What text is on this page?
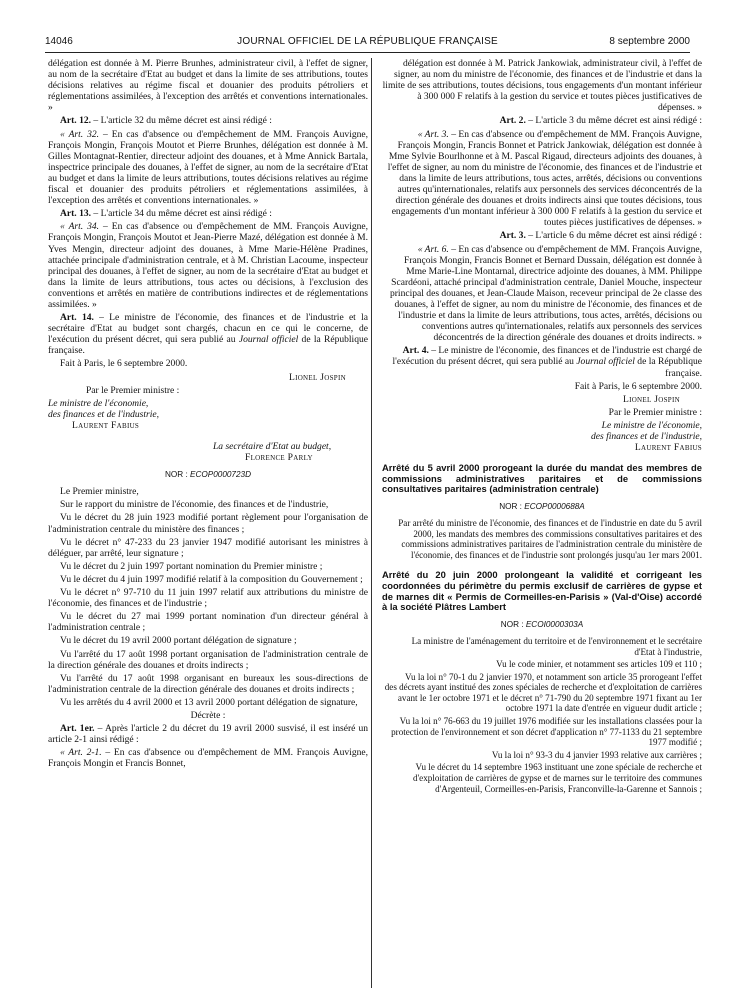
14046	JOURNAL OFFICIEL DE LA RÉPUBLIQUE FRANÇAISE	8 septembre 2000

délégation est donnée à M. Pierre Brunhes, administrateur civil, à l'effet de signer, au nom de la secrétaire d'Etat au budget et dans la limite de ses attributions, toutes décisions relatives au régime fiscal et douanier des produits pétroliers et réglementations assimilées, à l'exception des arrêtés et conventions internationales. »

Art. 12. – L'article 32 du même décret est ainsi rédigé :

« Art. 32. – En cas d'absence ou d'empêchement de MM. François Auvigne, François Mongin, François Moutot et Pierre Brunhes, délégation est donnée à M. Gilles Montagnat-Rentier, directeur adjoint des douanes, et à Mme Annick Bartala, inspectrice principale des douanes, à l'effet de signer, au nom de la secrétaire d'Etat au budget et dans la limite de leurs attributions, toutes décisions relatives au régime fiscal et douanier des produits pétroliers et réglementations assimilées, à l'exception des arrêtés et conventions internationales. »

Art. 13. – L'article 34 du même décret est ainsi rédigé :

« Art. 34. – En cas d'absence ou d'empêchement de MM. François Auvigne, François Mongin, François Moutot et Jean-Pierre Mazé, délégation est donnée à M. Yves Mengin, directeur adjoint des douanes, à Mme Marie-Hélène Pradines, attachée principale d'administration centrale, et à M. Christian Lacoume, inspecteur principal des douanes, à l'effet de signer, au nom de la secrétaire d'Etat au budget et dans la limite de leurs attributions, tous actes ou décisions, à l'exclusion des conventions et arrêtés en matière de contributions indirectes et de réglementations assimilées. »

Art. 14. – Le ministre de l'économie, des finances et de l'industrie et la secrétaire d'Etat au budget sont chargés, chacun en ce qui le concerne, de l'exécution du présent décret, qui sera publié au Journal officiel de la République française.

Fait à Paris, le 6 septembre 2000.

Lionel Jospin

Par le Premier ministre :

Le ministre de l'économie,
des finances et de l'industrie,
Laurent Fabius
La secrétaire d'Etat au budget,
Florence Parly

NOR : ECOP0000723D

Le Premier ministre,

Sur le rapport du ministre de l'économie, des finances et de l'industrie,

Vu le décret du 28 juin 1923 modifié portant règlement pour l'organisation de l'administration centrale du ministère des finances ;

Vu le décret n° 47-233 du 23 janvier 1947 modifié autorisant les ministres à déléguer, par arrêté, leur signature ;

Vu le décret du 2 juin 1997 portant nomination du Premier ministre ;

Vu le décret du 4 juin 1997 modifié relatif à la composition du Gouvernement ;

Vu le décret n° 97-710 du 11 juin 1997 relatif aux attributions du ministre de l'économie, des finances et de l'industrie ;

Vu le décret du 27 mai 1999 portant nomination d'un directeur général à l'administration centrale ;

Vu le décret du 19 avril 2000 portant délégation de signature ;

Vu l'arrêté du 17 août 1998 portant organisation de l'administration centrale de la direction générale des douanes et droits indirects ;

Vu l'arrêté du 17 août 1998 organisant en bureaux les sous-directions de l'administration centrale de la direction générale des douanes et droits indirects ;

Vu les arrêtés du 4 avril 2000 et 13 avril 2000 portant délégation de signature,

Décrète :

Art. 1er. – Après l'article 2 du décret du 19 avril 2000 susvisé, il est inséré un article 2-1 ainsi rédigé :

« Art. 2-1. – En cas d'absence ou d'empêchement de MM. François Auvigne, François Mongin et Francis Bonnet,

délégation est donnée à M. Patrick Jankowiak, administrateur civil, à l'effet de signer, au nom du ministre de l'économie, des finances et de l'industrie et dans la limite de ses attributions, toutes décisions, tous engagements d'un montant inférieur à 300 000 F relatifs à la gestion du service et toutes pièces justificatives de dépenses. »

Art. 2. – L'article 3 du même décret est ainsi rédigé :

« Art. 3. – En cas d'absence ou d'empêchement de MM. François Auvigne, François Mongin, Francis Bonnet et Patrick Jankowiak, délégation est donnée à Mme Sylvie Bourlhonne et à M. Pascal Rigaud, directeurs adjoints des douanes, à l'effet de signer, au nom du ministre de l'économie, des finances et de l'industrie et dans la limite de leurs attributions, tous actes, arrêtés, décisions ou conventions autres qu'internationales, relatifs aux personnels des services déconcentrés de la direction générale des douanes et droits indirects ainsi que toutes décisions, tous engagements d'un montant inférieur à 300 000 F relatifs à la gestion du service et toutes pièces justificatives de dépenses. »

Art. 3. – L'article 6 du même décret est ainsi rédigé :

« Art. 6. – En cas d'absence ou d'empêchement de MM. François Auvigne, François Mongin, Francis Bonnet et Bernard Dussain, délégation est donnée à Mme Marie-Line Montarnal, directrice adjointe des douanes, à MM. Philippe Scardéoni, attaché principal d'administration centrale, Daniel Mouche, inspecteur principal des douanes, et Jean-Claude Maison, receveur principal de 2e classe des douanes, à l'effet de signer, au nom du ministre de l'économie, des finances et de l'industrie et dans la limite de leurs attributions, tous actes, arrêtés, décisions ou conventions autres qu'internationales, relatifs aux personnels des services déconcentrés de la direction générale des douanes et droits indirects. »

Art. 4. – Le ministre de l'économie, des finances et de l'industrie est chargé de l'exécution du présent décret, qui sera publié au Journal officiel de la République française.

Fait à Paris, le 6 septembre 2000.

Lionel Jospin

Par le Premier ministre :

Le ministre de l'économie,
des finances et de l'industrie,
Laurent Fabius

Arrêté du 5 avril 2000 prorogeant la durée du mandat des membres de commissions administratives paritaires et de commissions consultatives paritaires (administration centrale)

NOR : ECOP0000688A

Par arrêté du ministre de l'économie, des finances et de l'industrie en date du 5 avril 2000, les mandats des membres des commissions consultatives paritaires et des commissions administratives paritaires de l'administration centrale du ministère de l'économie, des finances et de l'industrie sont prolongés jusqu'au 1er mars 2001.

Arrêté du 20 juin 2000 prolongeant la validité et corrigeant les coordonnées du périmètre du permis exclusif de carrières de gypse et de marnes dit « Permis de Cormeilles-en-Parisis » (Val-d'Oise) accordé à la société Plâtres Lambert

NOR : ECOI0000303A

La ministre de l'aménagement du territoire et de l'environnement et le secrétaire d'Etat à l'industrie,

Vu le code minier, et notamment ses articles 109 et 110 ;

Vu la loi n° 70-1 du 2 janvier 1970, et notamment son article 35 prorogeant l'effet des décrets ayant institué des zones spéciales de recherche et d'exploitation de carrières avant le 1er octobre 1971 et le décret n° 71-790 du 20 septembre 1971 fixant au 1er octobre 1971 la date d'entrée en vigueur dudit article ;

Vu la loi n° 76-663 du 19 juillet 1976 modifiée sur les installations classées pour la protection de l'environnement et son décret d'application n° 77-1133 du 21 septembre 1977 modifié ;

Vu la loi n° 93-3 du 4 janvier 1993 relative aux carrières ;

Vu le décret du 14 septembre 1963 instituant une zone spéciale de recherche et d'exploitation de carrières de gypse et de marnes sur le territoire des communes d'Argenteuil, Cormeilles-en-Parisis, Franconville-la-Garenne et Sannois ;
